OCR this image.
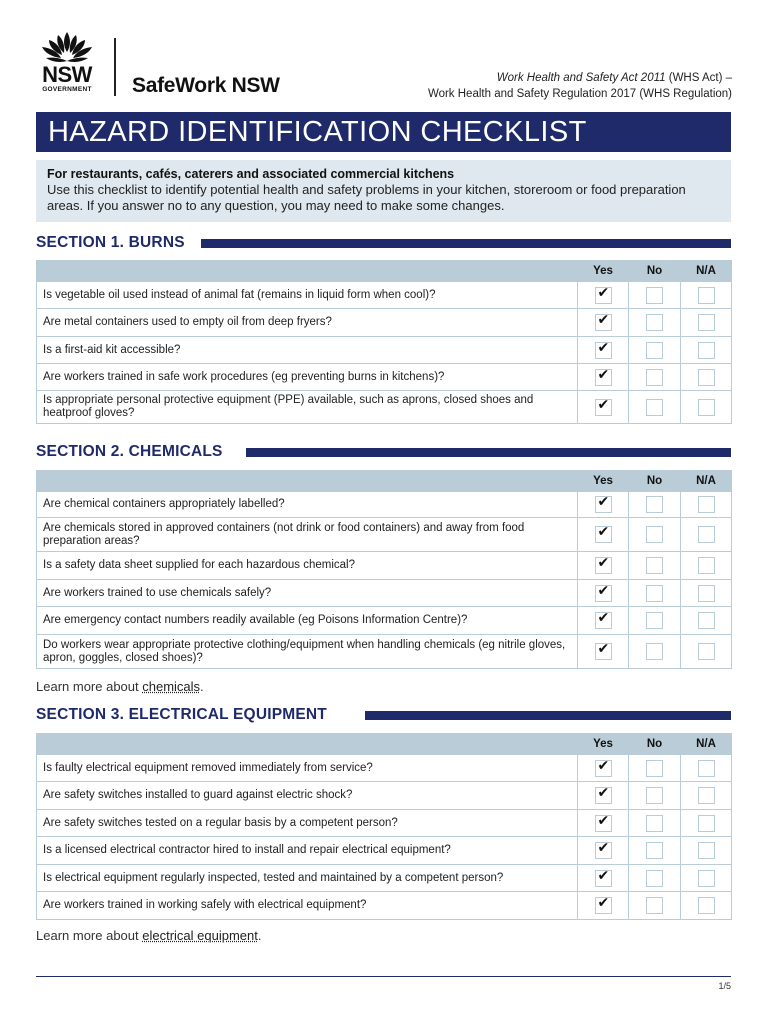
NSW
GOVERNMENT SafeWork NSW	Work Health and Safety Act 2011 (WHS Act) –
Work Health and Safety Regulation 2017 (WHS Regulation)
HAZARD IDENTIFICATION CHECKLIST
For restaurants, cafés, caterers and associated commercial kitchens
Use this checklist to identify potential health and safety problems in your kitchen, storeroom or food preparation areas. If you answer no to any question, you may need to make some changes.
SECTION 1. BURNS
	Yes	No	N/A
Is vegetable oil used instead of animal fat (remains in liquid form when cool)?	✔		
Are metal containers used to empty oil from deep fryers?	✔		
Is a first-aid kit accessible?	✔		
Are workers trained in safe work procedures (eg preventing burns in kitchens)?	✔		
Is appropriate personal protective equipment (PPE) available, such as aprons, closed shoes and heatproof gloves?	✔		
SECTION 2. CHEMICALS
	Yes	No	N/A
Are chemical containers appropriately labelled?	✔		
Are chemicals stored in approved containers (not drink or food containers) and away from food preparation areas?	✔		
Is a safety data sheet supplied for each hazardous chemical?	✔		
Are workers trained to use chemicals safely?	✔		
Are emergency contact numbers readily available (eg Poisons Information Centre)?	✔		
Do workers wear appropriate protective clothing/equipment when handling chemicals (eg nitrile gloves, apron, goggles, closed shoes)?	✔		
Learn more about chemicals.
SECTION 3. ELECTRICAL EQUIPMENT
	Yes	No	N/A
Is faulty electrical equipment removed immediately from service?	✔		
Are safety switches installed to guard against electric shock?	✔		
Are safety switches tested on a regular basis by a competent person?	✔		
Is a licensed electrical contractor hired to install and repair electrical equipment?	✔		
Is electrical equipment regularly inspected, tested and maintained by a competent person?	✔		
Are workers trained in working safely with electrical equipment?	✔		
Learn more about electrical equipment.
1/5
